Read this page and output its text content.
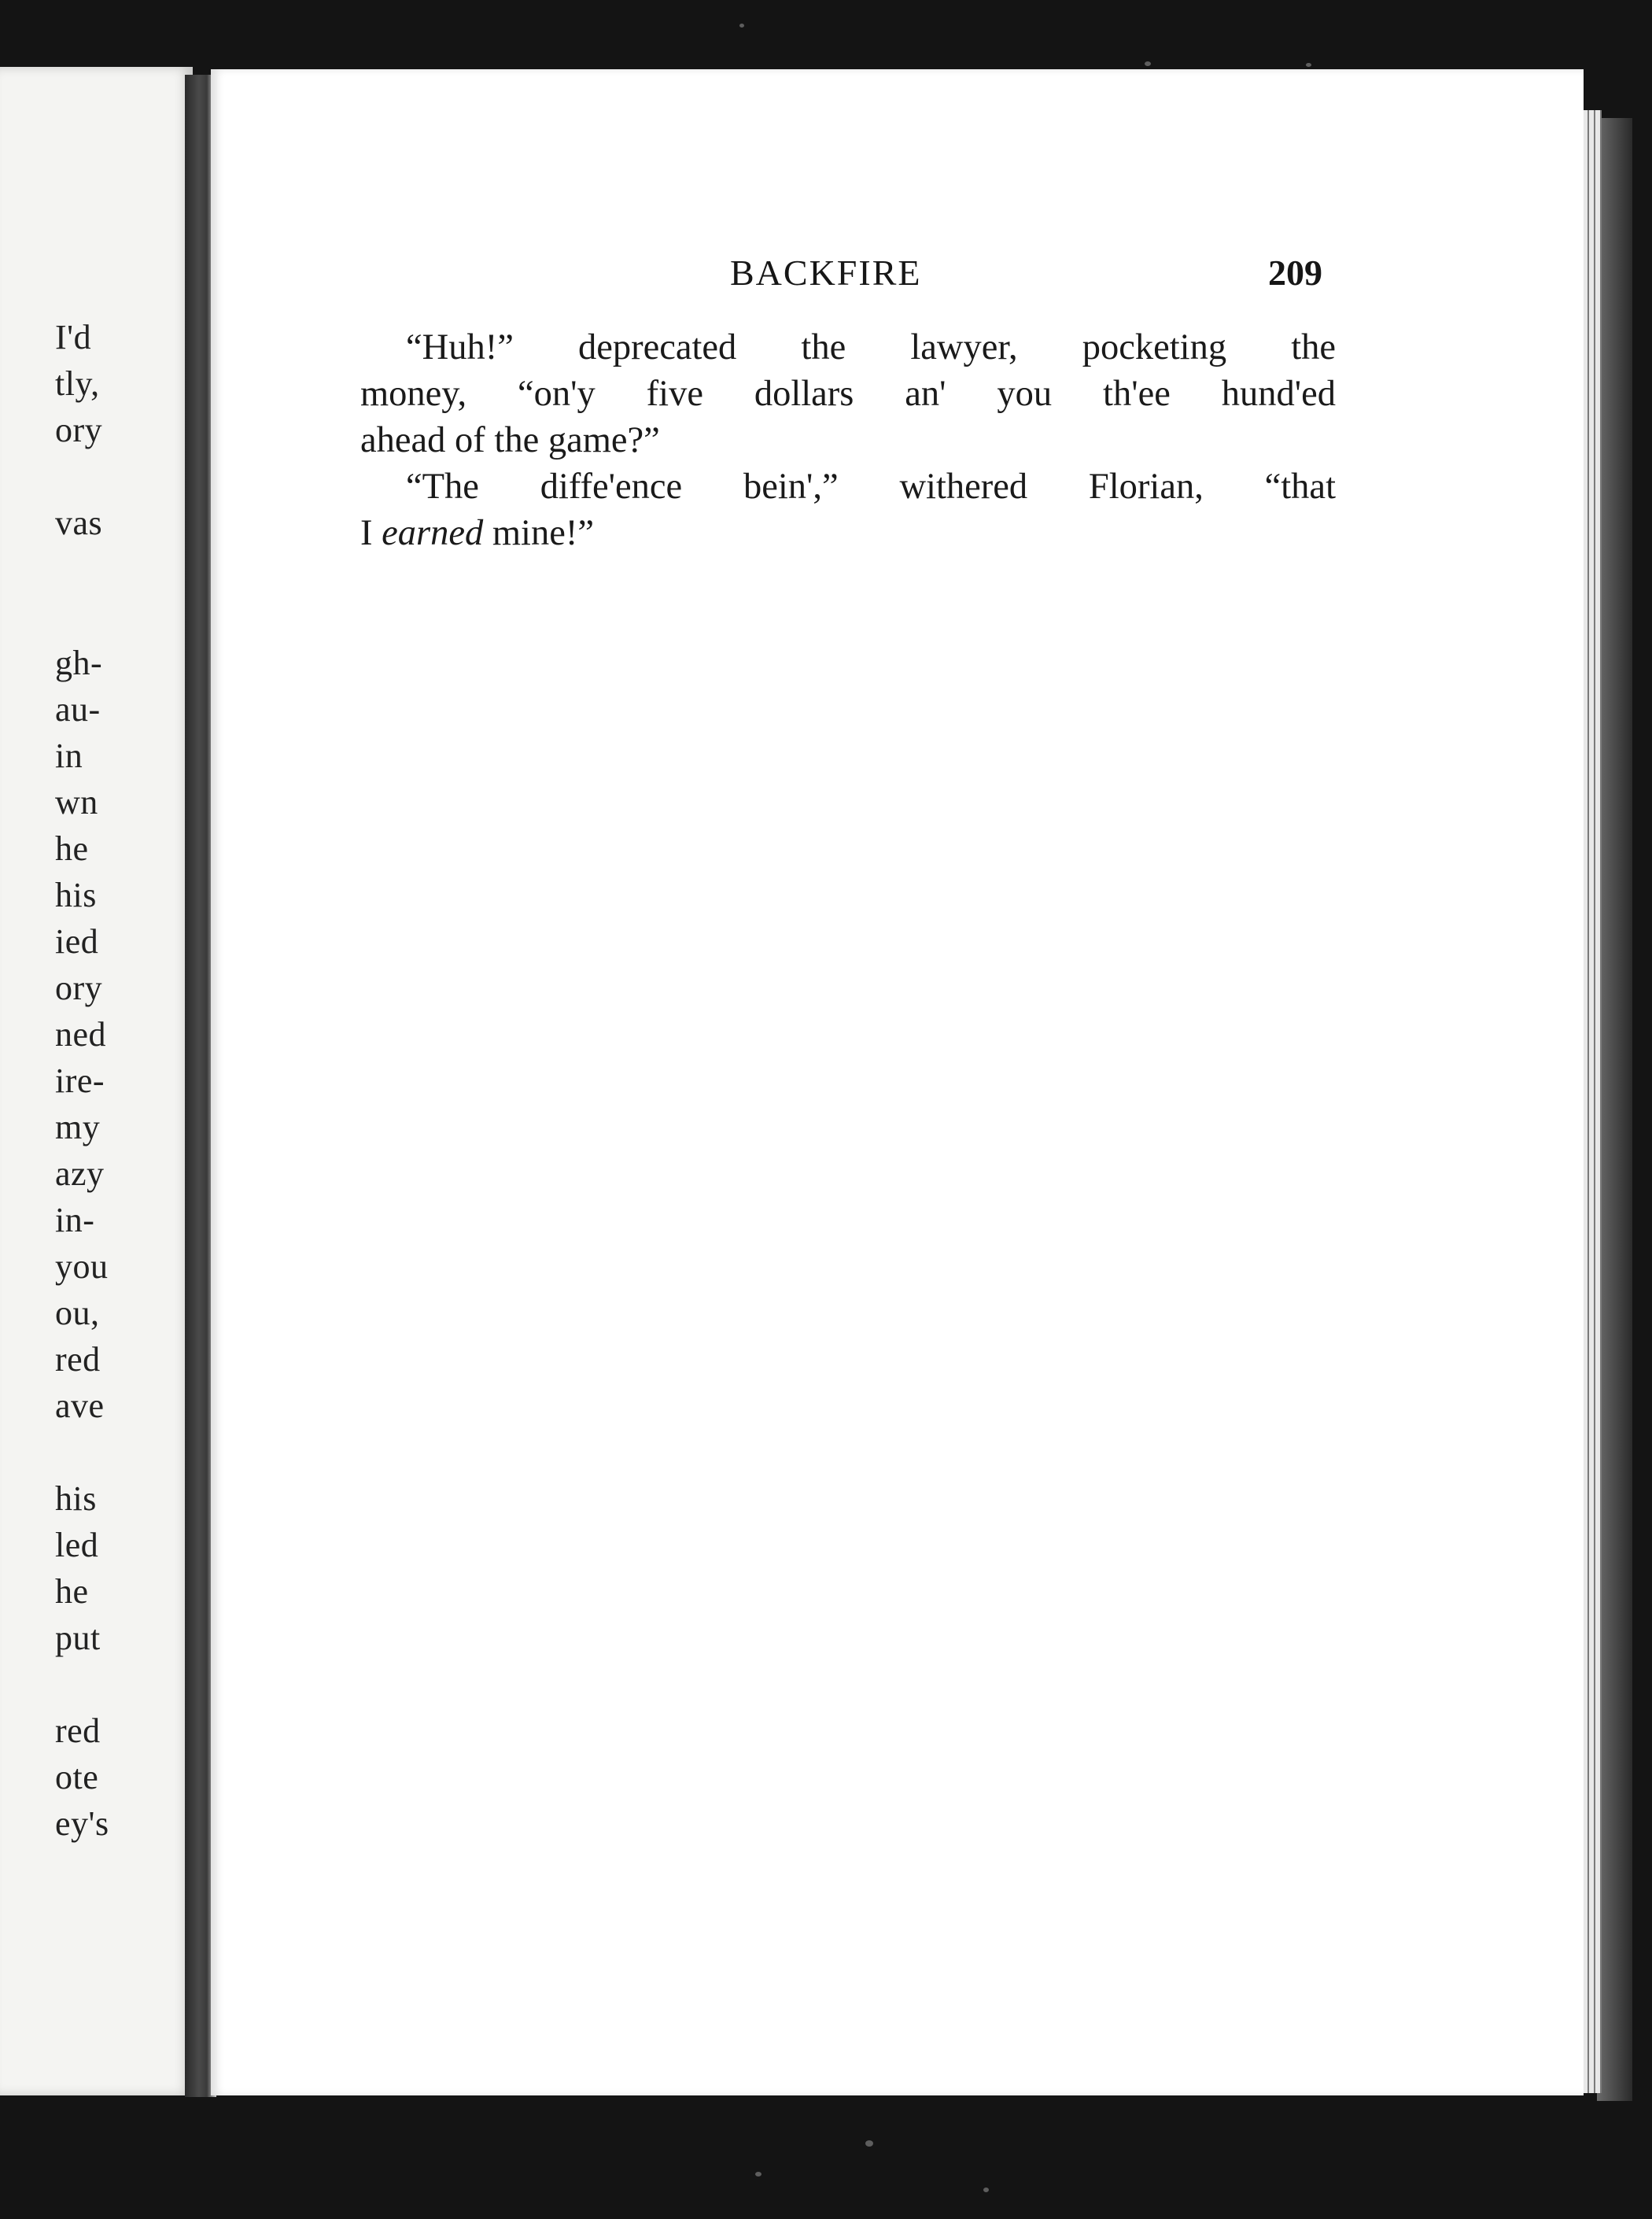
I'd
tly,
ory
vas
gh-
au-
in
wn
he
his
ied
ory
ned
ire-
my
azy
in-
you
ou,
red
ave
his
led
he
put
red
ote
ey's
BACKFIRE	209
“Huh!” deprecated the lawyer, pocketing the
money, “on'y five dollars an' you th'ee hund'ed
ahead of the game?”
“The diffe'ence bein',” withered Florian, “that
I earned mine!”
